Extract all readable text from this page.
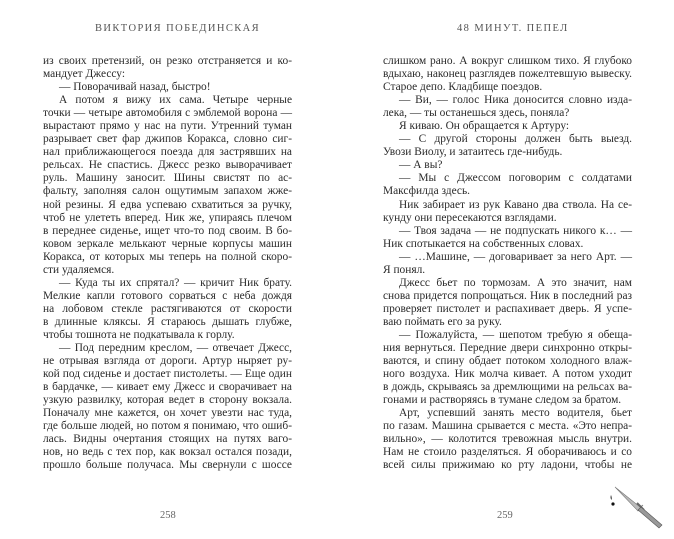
ВИКТОРИЯ ПОБЕДИНСКАЯ
из своих претензий, он резко отстраняется и ко-
мандует Джессу:
— Поворачивай назад, быстро!
А потом я вижу их сама. Четыре черные
точки — четыре автомобиля с эмблемой ворона —
вырастают прямо у нас на пути. Утренний туман
разрывает свет фар джипов Коракса, словно сиг-
нал приближающегося поезда для застрявших на
рельсах. Не спастись. Джесс резко выворачивает
руль. Машину заносит. Шины свистят по ас-
фальту, заполняя салон ощутимым запахом жже-
ной резины. Я едва успеваю схватиться за ручку,
чтоб не улететь вперед. Ник же, упираясь плечом
в переднее сиденье, ищет что-то под своим. В бо-
ковом зеркале мелькают черные корпусы машин
Коракса, от которых мы теперь на полной скоро-
сти удаляемся.
— Куда ты их спрятал? — кричит Ник брату.
Мелкие капли готового сорваться с неба дождя
на лобовом стекле растягиваются от скорости
в длинные кляксы. Я стараюсь дышать глубже,
чтобы тошнота не подкатывала к горлу.
— Под передним креслом, — отвечает Джесс,
не отрывая взгляда от дороги. Артур ныряет ру-
кой под сиденье и достает пистолеты. — Еще один
в бардачке, — кивает ему Джесс и сворачивает на
узкую развилку, которая ведет в сторону вокзала.
Поначалу мне кажется, он хочет увезти нас туда,
где больше людей, но потом я понимаю, что ошиб-
лась. Видны очертания стоящих на путях ваго-
нов, но ведь с тех пор, как вокзал остался позади,
прошло больше получаса. Мы свернули с шоссе
258
48 МИНУТ. ПЕПЕЛ
слишком рано. А вокруг слишком тихо. Я глубоко
вдыхаю, наконец разглядев пожелтевшую вывеску.
Старое депо. Кладбище поездов.
— Ви, — голос Ника доносится словно изда-
лека, — ты останешься здесь, поняла?
Я киваю. Он обращается к Артуру:
— С другой стороны должен быть выезд.
Увози Виолу, и затаитесь где-нибудь.
— А вы?
— Мы с Джессом поговорим с солдатами
Максфилда здесь.
Ник забирает из рук Кавано два ствола. На се-
кунду они пересекаются взглядами.
— Твоя задача — не подпускать никого к… —
Ник спотыкается на собственных словах.
— …Машине, — договаривает за него Арт. —
Я понял.
Джесс бьет по тормозам. А это значит, нам
снова придется попрощаться. Ник в последний раз
проверяет пистолет и распахивает дверь. Я успе-
ваю поймать его за руку.
— Пожалуйста, — шепотом требую я обеща-
ния вернуться. Передние двери синхронно откры-
ваются, и спину обдает потоком холодного влаж-
ного воздуха. Ник молча кивает. А потом уходит
в дождь, скрываясь за дремлющими на рельсах ва-
гонами и растворяясь в тумане следом за братом.
Арт, успевший занять место водителя, бьет
по газам. Машина срывается с места. «Это непра-
вильно», — колотится тревожная мысль внутри.
Нам не стоило разделяться. Я оборачиваюсь и со
всей силы прижимаю ко рту ладони, чтобы не
259
